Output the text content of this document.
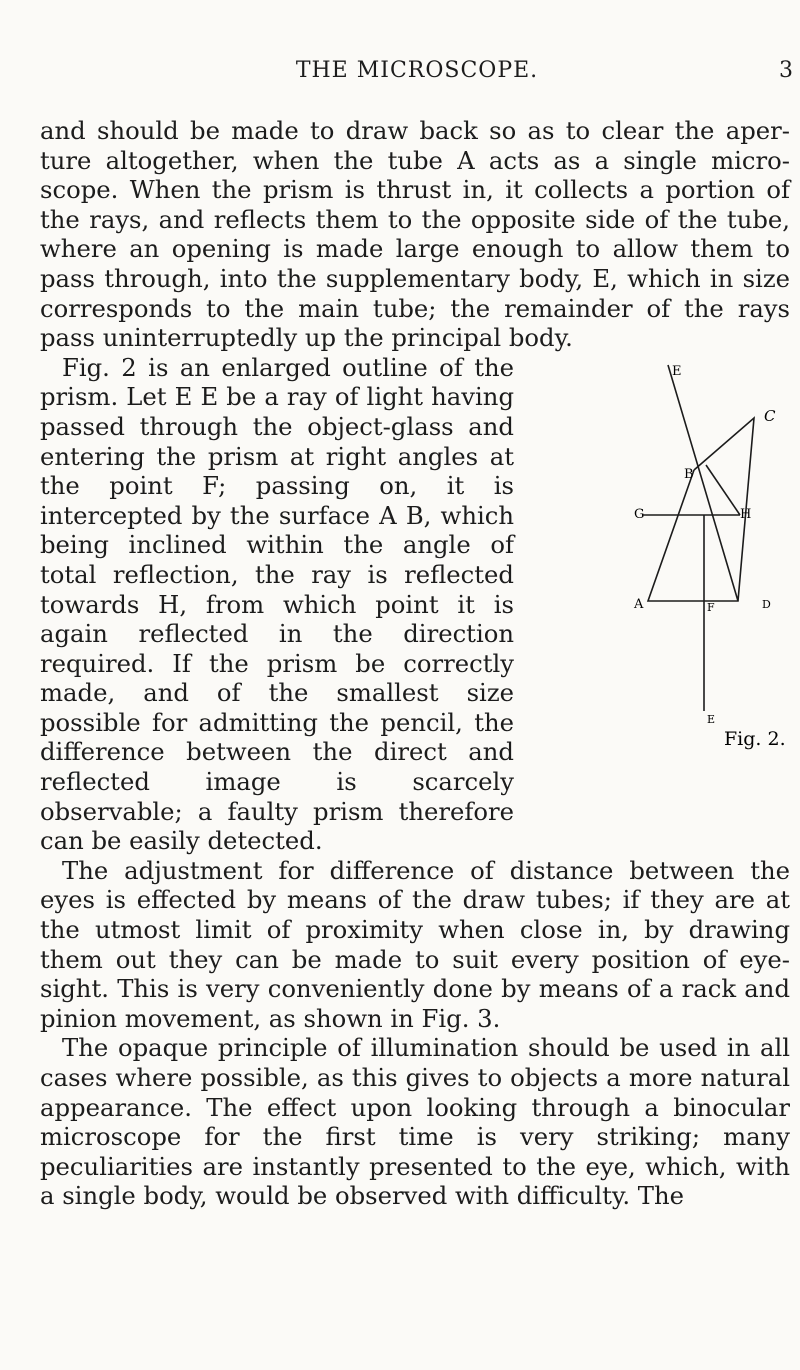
THE MICROSCOPE.	3

and should be made to draw back so as to clear the aperture altogether, when the tube A acts as a single microscope. When the prism is thrust in, it collects a portion of the rays, and reflects them to the opposite side of the tube, where an opening is made large enough to allow them to pass through, into the supplementary body, E, which in size corresponds to the main tube; the remainder of the rays pass uninterruptedly up the principal body.

E
C
B
H
G
A	F	D
E
Fig. 2.

Fig. 2 is an enlarged outline of the prism. Let E E be a ray of light having passed through the object-glass and entering the prism at right angles at the point F; passing on, it is intercepted by the surface A B, which being inclined within the angle of total reflection, the ray is reflected towards H, from which point it is again reflected in the direction required. If the prism be correctly made, and of the smallest size possible for admitting the pencil, the difference between the direct and reflected image is scarcely observable; a faulty prism therefore can be easily detected.

The adjustment for difference of distance between the eyes is effected by means of the draw tubes; if they are at the utmost limit of proximity when close in, by drawing them out they can be made to suit every position of eyesight. This is very conveniently done by means of a rack and pinion movement, as shown in Fig. 3.

The opaque principle of illumination should be used in all cases where possible, as this gives to objects a more natural appearance. The effect upon looking through a binocular microscope for the first time is very striking; many peculiarities are instantly presented to the eye, which, with a single body, would be observed with difficulty. The
